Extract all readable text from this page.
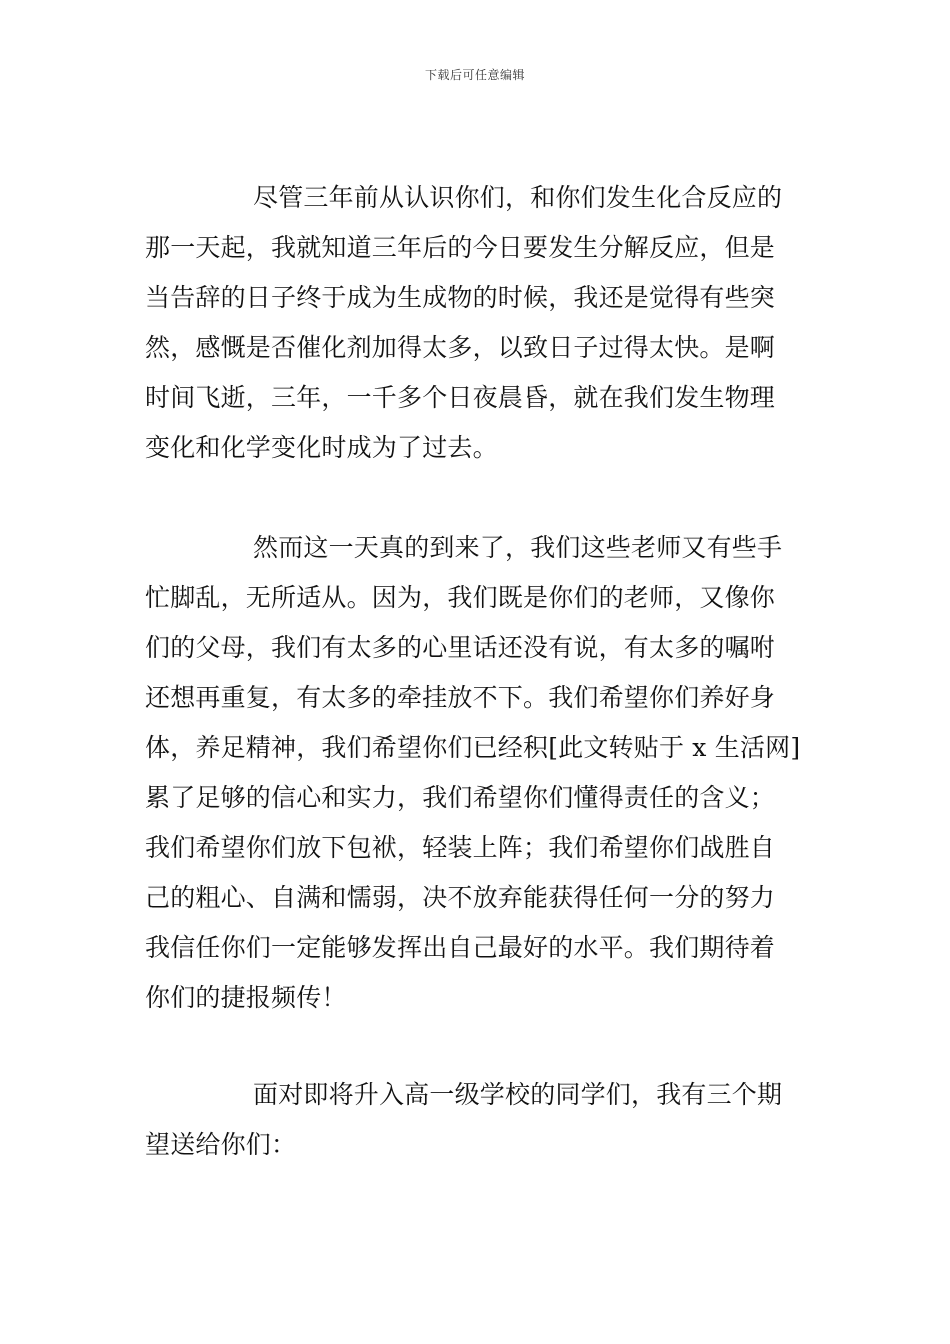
下载后可任意编辑
尽管三年前从认识你们，和你们发生化合反应的
那一天起，我就知道三年后的今日要发生分解反应，但是
当告辞的日子终于成为生成物的时候，我还是觉得有些突
然，感慨是否催化剂加得太多，以致日子过得太快。是啊
时间飞逝，三年，一千多个日夜晨昏，就在我们发生物理
变化和化学变化时成为了过去。
然而这一天真的到来了，我们这些老师又有些手
忙脚乱，无所适从。因为，我们既是你们的老师，又像你
们的父母，我们有太多的心里话还没有说，有太多的嘱咐
还想再重复，有太多的牵挂放不下。我们希望你们养好身
体，养足精神，我们希望你们已经积[此文转贴于 x 生活网]
累了足够的信心和实力，我们希望你们懂得责任的含义；
我们希望你们放下包袱，轻装上阵；我们希望你们战胜自
己的粗心、自满和懦弱，决不放弃能获得任何一分的努力
我信任你们一定能够发挥出自己最好的水平。我们期待着
你们的捷报频传！
面对即将升入高一级学校的同学们，我有三个期
望送给你们：
